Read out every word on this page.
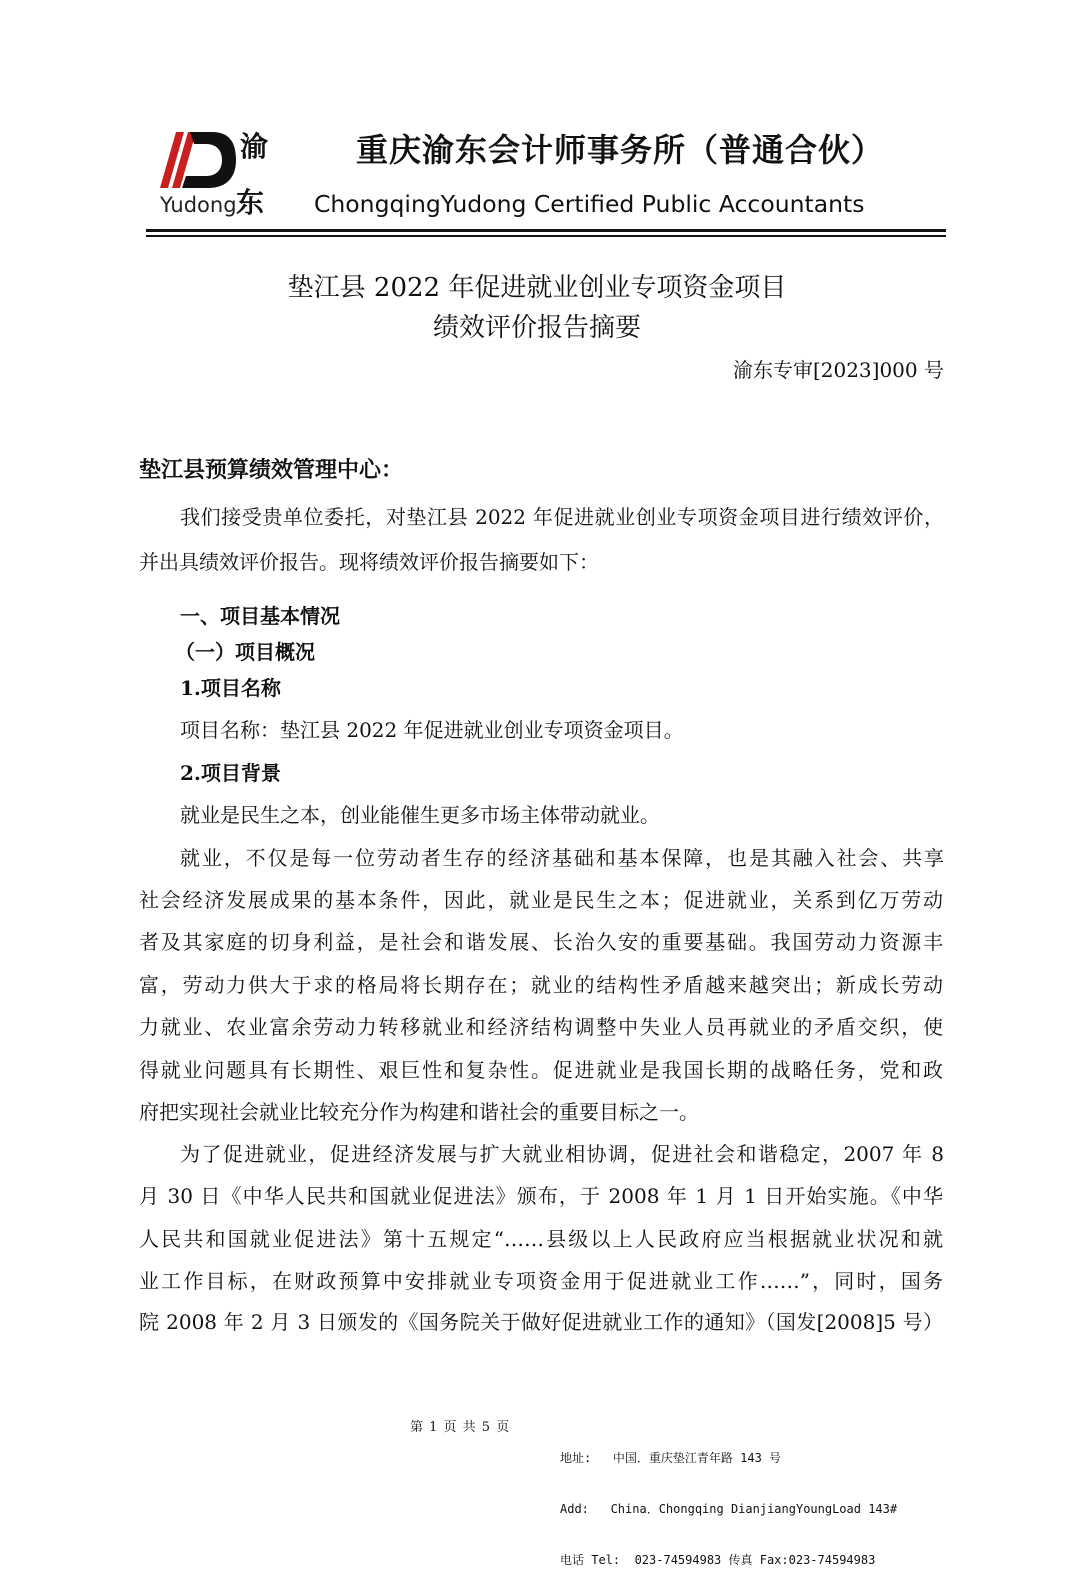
渝
Yudong 东
重庆渝东会计师事务所（普通合伙）
ChongqingYudong Certified Public Accountants
垫江县 2022 年促进就业创业专项资金项目
绩效评价报告摘要
渝东专审[2023]000 号
垫江县预算绩效管理中心：
我们接受贵单位委托，对垫江县 2022 年促进就业创业专项资金项目进行绩效评价，
并出具绩效评价报告。现将绩效评价报告摘要如下：
一、项目基本情况
（一）项目概况
1.项目名称
项目名称：垫江县 2022 年促进就业创业专项资金项目。
2.项目背景
就业是民生之本，创业能催生更多市场主体带动就业。
就业，不仅是每一位劳动者生存的经济基础和基本保障，也是其融入社会、共享
社会经济发展成果的基本条件，因此，就业是民生之本；促进就业，关系到亿万劳动
者及其家庭的切身利益，是社会和谐发展、长治久安的重要基础。我国劳动力资源丰
富，劳动力供大于求的格局将长期存在；就业的结构性矛盾越来越突出；新成长劳动
力就业、农业富余劳动力转移就业和经济结构调整中失业人员再就业的矛盾交织，使
得就业问题具有长期性、艰巨性和复杂性。促进就业是我国长期的战略任务，党和政
府把实现社会就业比较充分作为构建和谐社会的重要目标之一。
为了促进就业，促进经济发展与扩大就业相协调，促进社会和谐稳定，2007 年 8
月 30 日《中华人民共和国就业促进法》颁布，于 2008 年 1 月 1 日开始实施。《中华
人民共和国就业促进法》第十五规定“……县级以上人民政府应当根据就业状况和就
业工作目标，在财政预算中安排就业专项资金用于促进就业工作……”，同时，国务
院 2008 年 2 月 3 日颁发的《国务院关于做好促进就业工作的通知》（国发[2008]5 号）
第 1 页 共 5 页

地址:   中国．重庆垫江青年路 143 号

Add:   China．Chongqing DianjiangYoungLoad 143#

电话 Tel:  023-74594983 传真 Fax:023-74594983
